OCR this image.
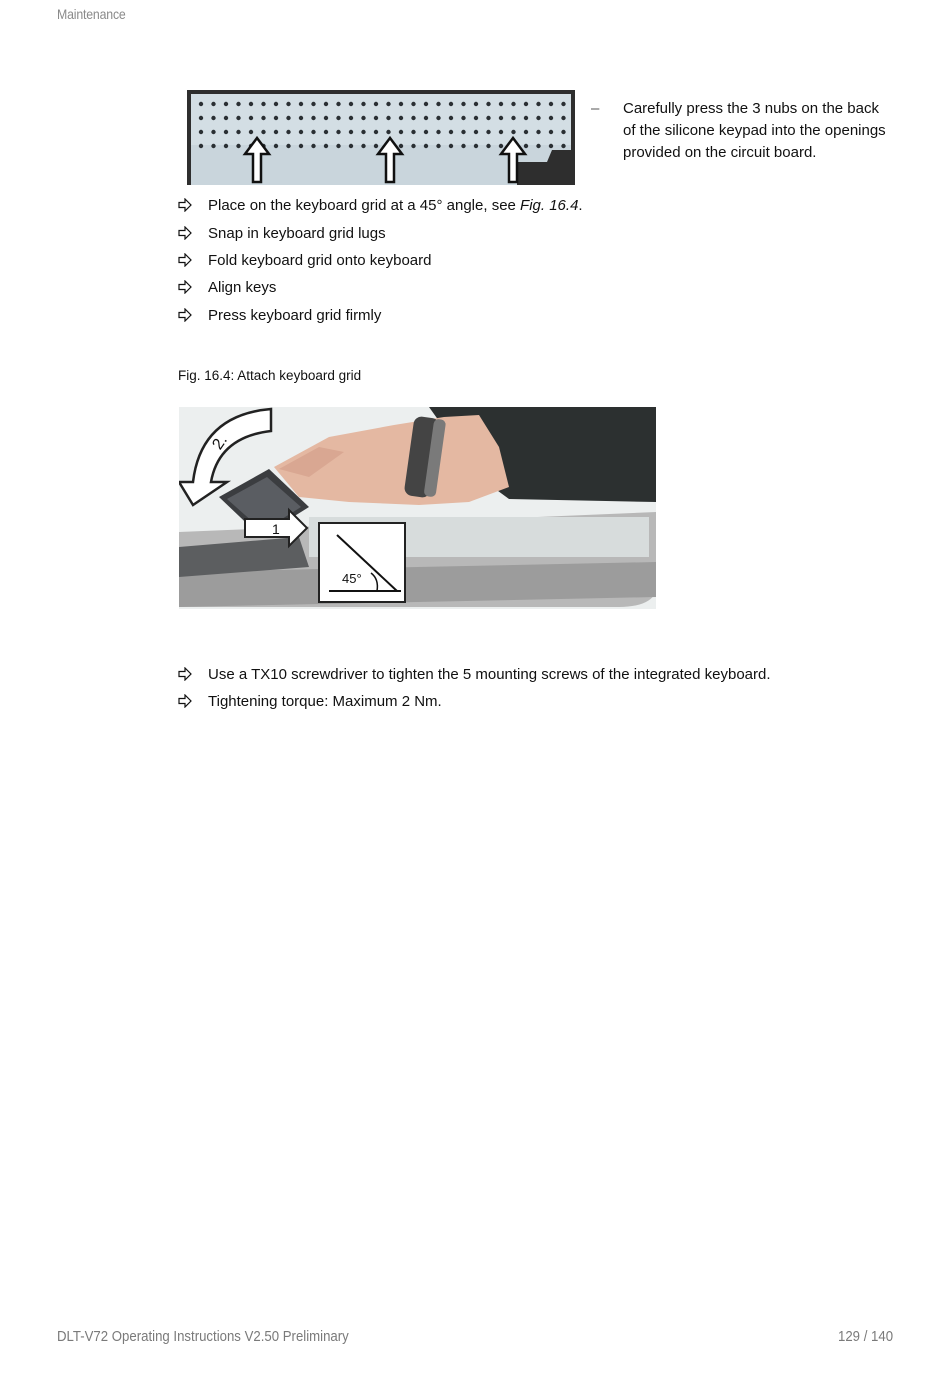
Maintenance
– Carefully press the 3 nubs on the back of the silicone keypad into the openings provided on the circuit board.
Place on the keyboard grid at a 45° angle, see Fig. 16.4.
Snap in keyboard grid lugs
Fold keyboard grid onto keyboard
Align keys
Press keyboard grid firmly
Fig. 16.4: Attach keyboard grid
2.
1
45°
Use a TX10 screwdriver to tighten the 5 mounting screws of the integrated keyboard.
Tightening torque: Maximum 2 Nm.
DLT-V72 Operating Instructions V2.50 Preliminary	129 / 140
